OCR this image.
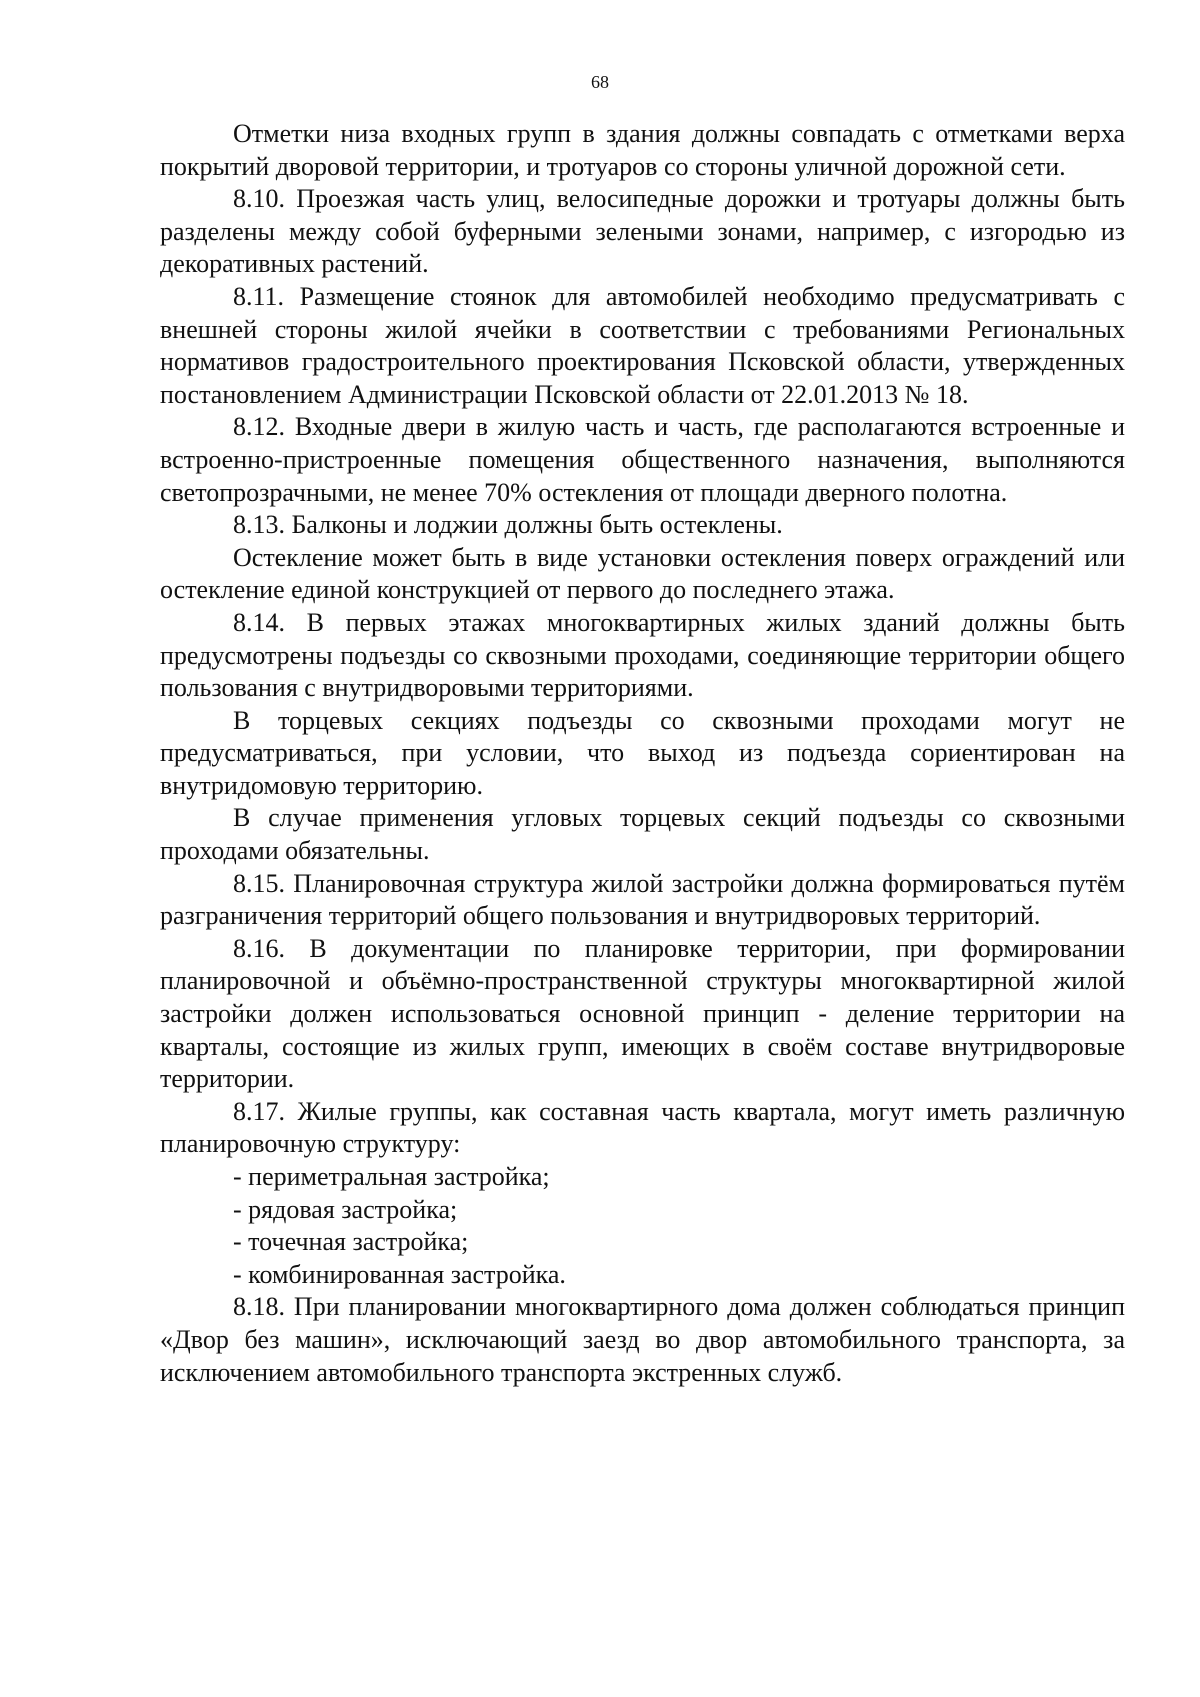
68

Отметки низа входных групп в здания должны совпадать с отметками верха покрытий дворовой территории, и тротуаров со стороны уличной дорожной сети.

8.10. Проезжая часть улиц, велосипедные дорожки и тротуары должны быть разделены между собой буферными зелеными зонами, например, с изгородью из декоративных растений.

8.11. Размещение стоянок для автомобилей необходимо предусматривать с внешней стороны жилой ячейки в соответствии с требованиями Региональных нормативов градостроительного проектирования Псковской области, утвержденных постановлением Администрации Псковской области от 22.01.2013 № 18.

8.12. Входные двери в жилую часть и часть, где располагаются встроенные и встроенно-пристроенные помещения общественного назначения, выполняются светопрозрачными, не менее 70% остекления от площади дверного полотна.

8.13. Балконы и лоджии должны быть остеклены.

Остекление может быть в виде установки остекления поверх ограждений или остекление единой конструкцией от первого до последнего этажа.

8.14. В первых этажах многоквартирных жилых зданий должны быть предусмотрены подъезды со сквозными проходами, соединяющие территории общего пользования с внутридворовыми территориями.

В торцевых секциях подъезды со сквозными проходами могут не предусматриваться, при условии, что выход из подъезда сориентирован на внутридомовую территорию.

В случае применения угловых торцевых секций подъезды со сквозными проходами обязательны.

8.15. Планировочная структура жилой застройки должна формироваться путём разграничения территорий общего пользования и внутридворовых территорий.

8.16. В документации по планировке территории, при формировании планировочной и объёмно-пространственной структуры многоквартирной жилой застройки должен использоваться основной принцип - деление территории на кварталы, состоящие из жилых групп, имеющих в своём составе внутридворовые территории.

8.17. Жилые группы, как составная часть квартала, могут иметь различную планировочную структуру:

- периметральная застройка;

- рядовая застройка;

- точечная застройка;

- комбинированная застройка.

8.18. При планировании многоквартирного дома должен соблюдаться принцип «Двор без машин», исключающий заезд во двор автомобильного транспорта, за исключением автомобильного транспорта экстренных служб.
